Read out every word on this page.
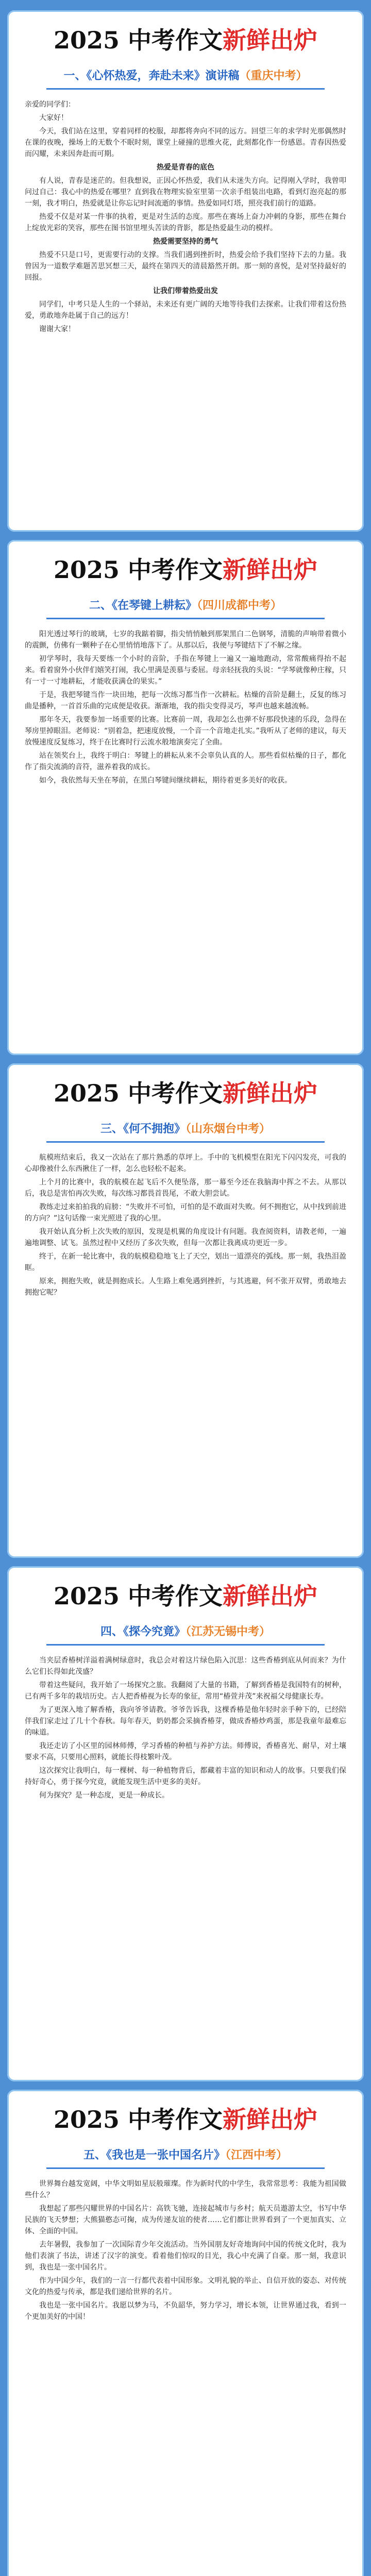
2025 中考作文新鲜出炉
一、《心怀热爱，奔赴未来》演讲稿（重庆中考）

亲爱的同学们：

大家好！

今天，我们站在这里，穿着同样的校服，却都将奔向不同的远方。回望三年的求学时光那偶然时在课的夜晚，操场上的无数个不眠时刻，课堂上碰撞的思维火花，此刻都化作一份感恩。青春因热爱而闪耀，未来因奔赴而可期。

热爱是青春的底色

有人说，青春是迷茫的。但我想说，正因心怀热爱，我们从未迷失方向。记得刚入学时，我曾叩问过自己：我心中的热爱在哪里？直到我在物理实验室里第一次亲手组装出电路，看到灯泡亮起的那一刻，我才明白，热爱就是让你忘记时间流逝的事情。热爱如同灯塔，照亮我们前行的道路。

热爱不仅是对某一件事的执着，更是对生活的态度。那些在赛场上奋力冲刺的身影，那些在舞台上绽放光彩的笑容，那些在图书馆里埋头苦读的背影，都是热爱最生动的模样。

热爱需要坚持的勇气

热爱不只是口号，更需要行动的支撑。当我们遇到挫折时，热爱会给予我们坚持下去的力量。我曾因为一道数学难题苦思冥想三天，最终在第四天的清晨豁然开朗。那一刻的喜悦，是对坚持最好的回报。

让我们带着热爱出发

同学们，中考只是人生的一个驿站，未来还有更广阔的天地等待我们去探索。让我们带着这份热爱，勇敢地奔赴属于自己的远方！

谢谢大家！

2025 中考作文新鲜出炉
二、《在琴键上耕耘》（四川成都中考）

阳光透过琴行的玻璃，七岁的我踮着脚，指尖悄悄触到那架黑白二色钢琴，清脆的声响带着微小的震颤，仿佛有一颗种子在心里悄悄地落下了。从那以后，我便与琴键结下了不解之缘。

初学琴时，我每天要练一个小时的音阶，手指在琴键上一遍又一遍地跑动，常常酸痛得抬不起来。看着窗外小伙伴们嬉笑打闹，我心里满是羡慕与委屈。母亲轻抚我的头说：“学琴就像种庄稼，只有一寸一寸地耕耘，才能收获满仓的果实。”

于是，我把琴键当作一块田地，把每一次练习都当作一次耕耘。枯燥的音阶是翻土，反复的练习曲是播种，一首首乐曲的完成便是收获。渐渐地，我的指尖变得灵巧，琴声也越来越流畅。

那年冬天，我要参加一场重要的比赛。比赛前一周，我却怎么也弹不好那段快速的乐段，急得在琴房里掉眼泪。老师说：“别着急，把速度放慢，一个音一个音地走扎实。”我听从了老师的建议，每天放慢速度反复练习，终于在比赛时行云流水般地演奏完了全曲。

站在领奖台上，我终于明白：琴键上的耕耘从来不会辜负认真的人。那些看似枯燥的日子，都化作了指尖流淌的音符，滋养着我的成长。

如今，我依然每天坐在琴前，在黑白琴键间继续耕耘，期待着更多美好的收获。

2025 中考作文新鲜出炉
三、《何不拥抱》（山东烟台中考）

航模班结束后，我又一次站在了那片熟悉的草坪上。手中的飞机模型在阳光下闪闪发亮，可我的心却像被什么东西揪住了一样，怎么也轻松不起来。

上个月的比赛中，我的航模在起飞后不久便坠落，那一幕至今还在我脑海中挥之不去。从那以后，我总是害怕再次失败，每次练习都畏首畏尾，不敢大胆尝试。

教练走过来拍拍我的肩膀：“失败并不可怕，可怕的是不敢面对失败。何不拥抱它，从中找到前进的方向？”这句话像一束光照进了我的心里。

我开始认真分析上次失败的原因，发现是机翼的角度设计有问题。我查阅资料，请教老师，一遍遍地调整、试飞。虽然过程中又经历了多次失败，但每一次都让我离成功更近一步。

终于，在新一轮比赛中，我的航模稳稳地飞上了天空，划出一道漂亮的弧线。那一刻，我热泪盈眶。

原来，拥抱失败，就是拥抱成长。人生路上难免遇到挫折，与其逃避，何不张开双臂，勇敢地去拥抱它呢？

2025 中考作文新鲜出炉
四、《探今究竟》（江苏无锡中考）

当夹层香椿树洋溢着满树绿意时，我总会对着这片绿色陷入沉思：这些香椿到底从何而来？为什么它们长得如此茂盛？

带着这些疑问，我开始了一场探究之旅。我翻阅了大量的书籍，了解到香椿是我国特有的树种，已有两千多年的栽培历史。古人把香椿视为长寿的象征，常用“椿萱并茂”来祝福父母健康长寿。

为了更深入地了解香椿，我向爷爷请教。爷爷告诉我，这棵香椿是他年轻时亲手种下的，已经陪伴我们家走过了几十个春秋。每年春天，奶奶都会采摘香椿芽，做成香椿炒鸡蛋，那是我童年最难忘的味道。

我还走访了小区里的园林师傅，学习香椿的种植与养护方法。师傅说，香椿喜光、耐旱，对土壤要求不高，只要用心照料，就能长得枝繁叶茂。

这次探究让我明白，每一棵树、每一种植物背后，都藏着丰富的知识和动人的故事。只要我们保持好奇心，勇于探今究竟，就能发现生活中更多的美好。

何为探究？是一种态度，更是一种成长。

2025 中考作文新鲜出炉
五、《我也是一张中国名片》（江西中考）

世界舞台越发宽阔，中华文明如星辰般璀璨。作为新时代的中学生，我常常思考：我能为祖国做些什么？

我想起了那些闪耀世界的中国名片：高铁飞驰，连接起城市与乡村；航天员遨游太空，书写中华民族的飞天梦想；大熊猫憨态可掬，成为传递友谊的使者……它们都让世界看到了一个更加真实、立体、全面的中国。

去年暑假，我参加了一次国际青少年交流活动。当外国朋友好奇地询问中国的传统文化时，我为他们表演了书法，讲述了汉字的演变。看着他们惊叹的目光，我心中充满了自豪。那一刻，我意识到，我也是一张中国名片。

作为中国少年，我们的一言一行都代表着中国形象。文明礼貌的举止、自信开放的姿态、对传统文化的热爱与传承，都是我们递给世界的名片。

我也是一张中国名片。我愿以梦为马，不负韶华，努力学习，增长本领，让世界通过我，看到一个更加美好的中国！
